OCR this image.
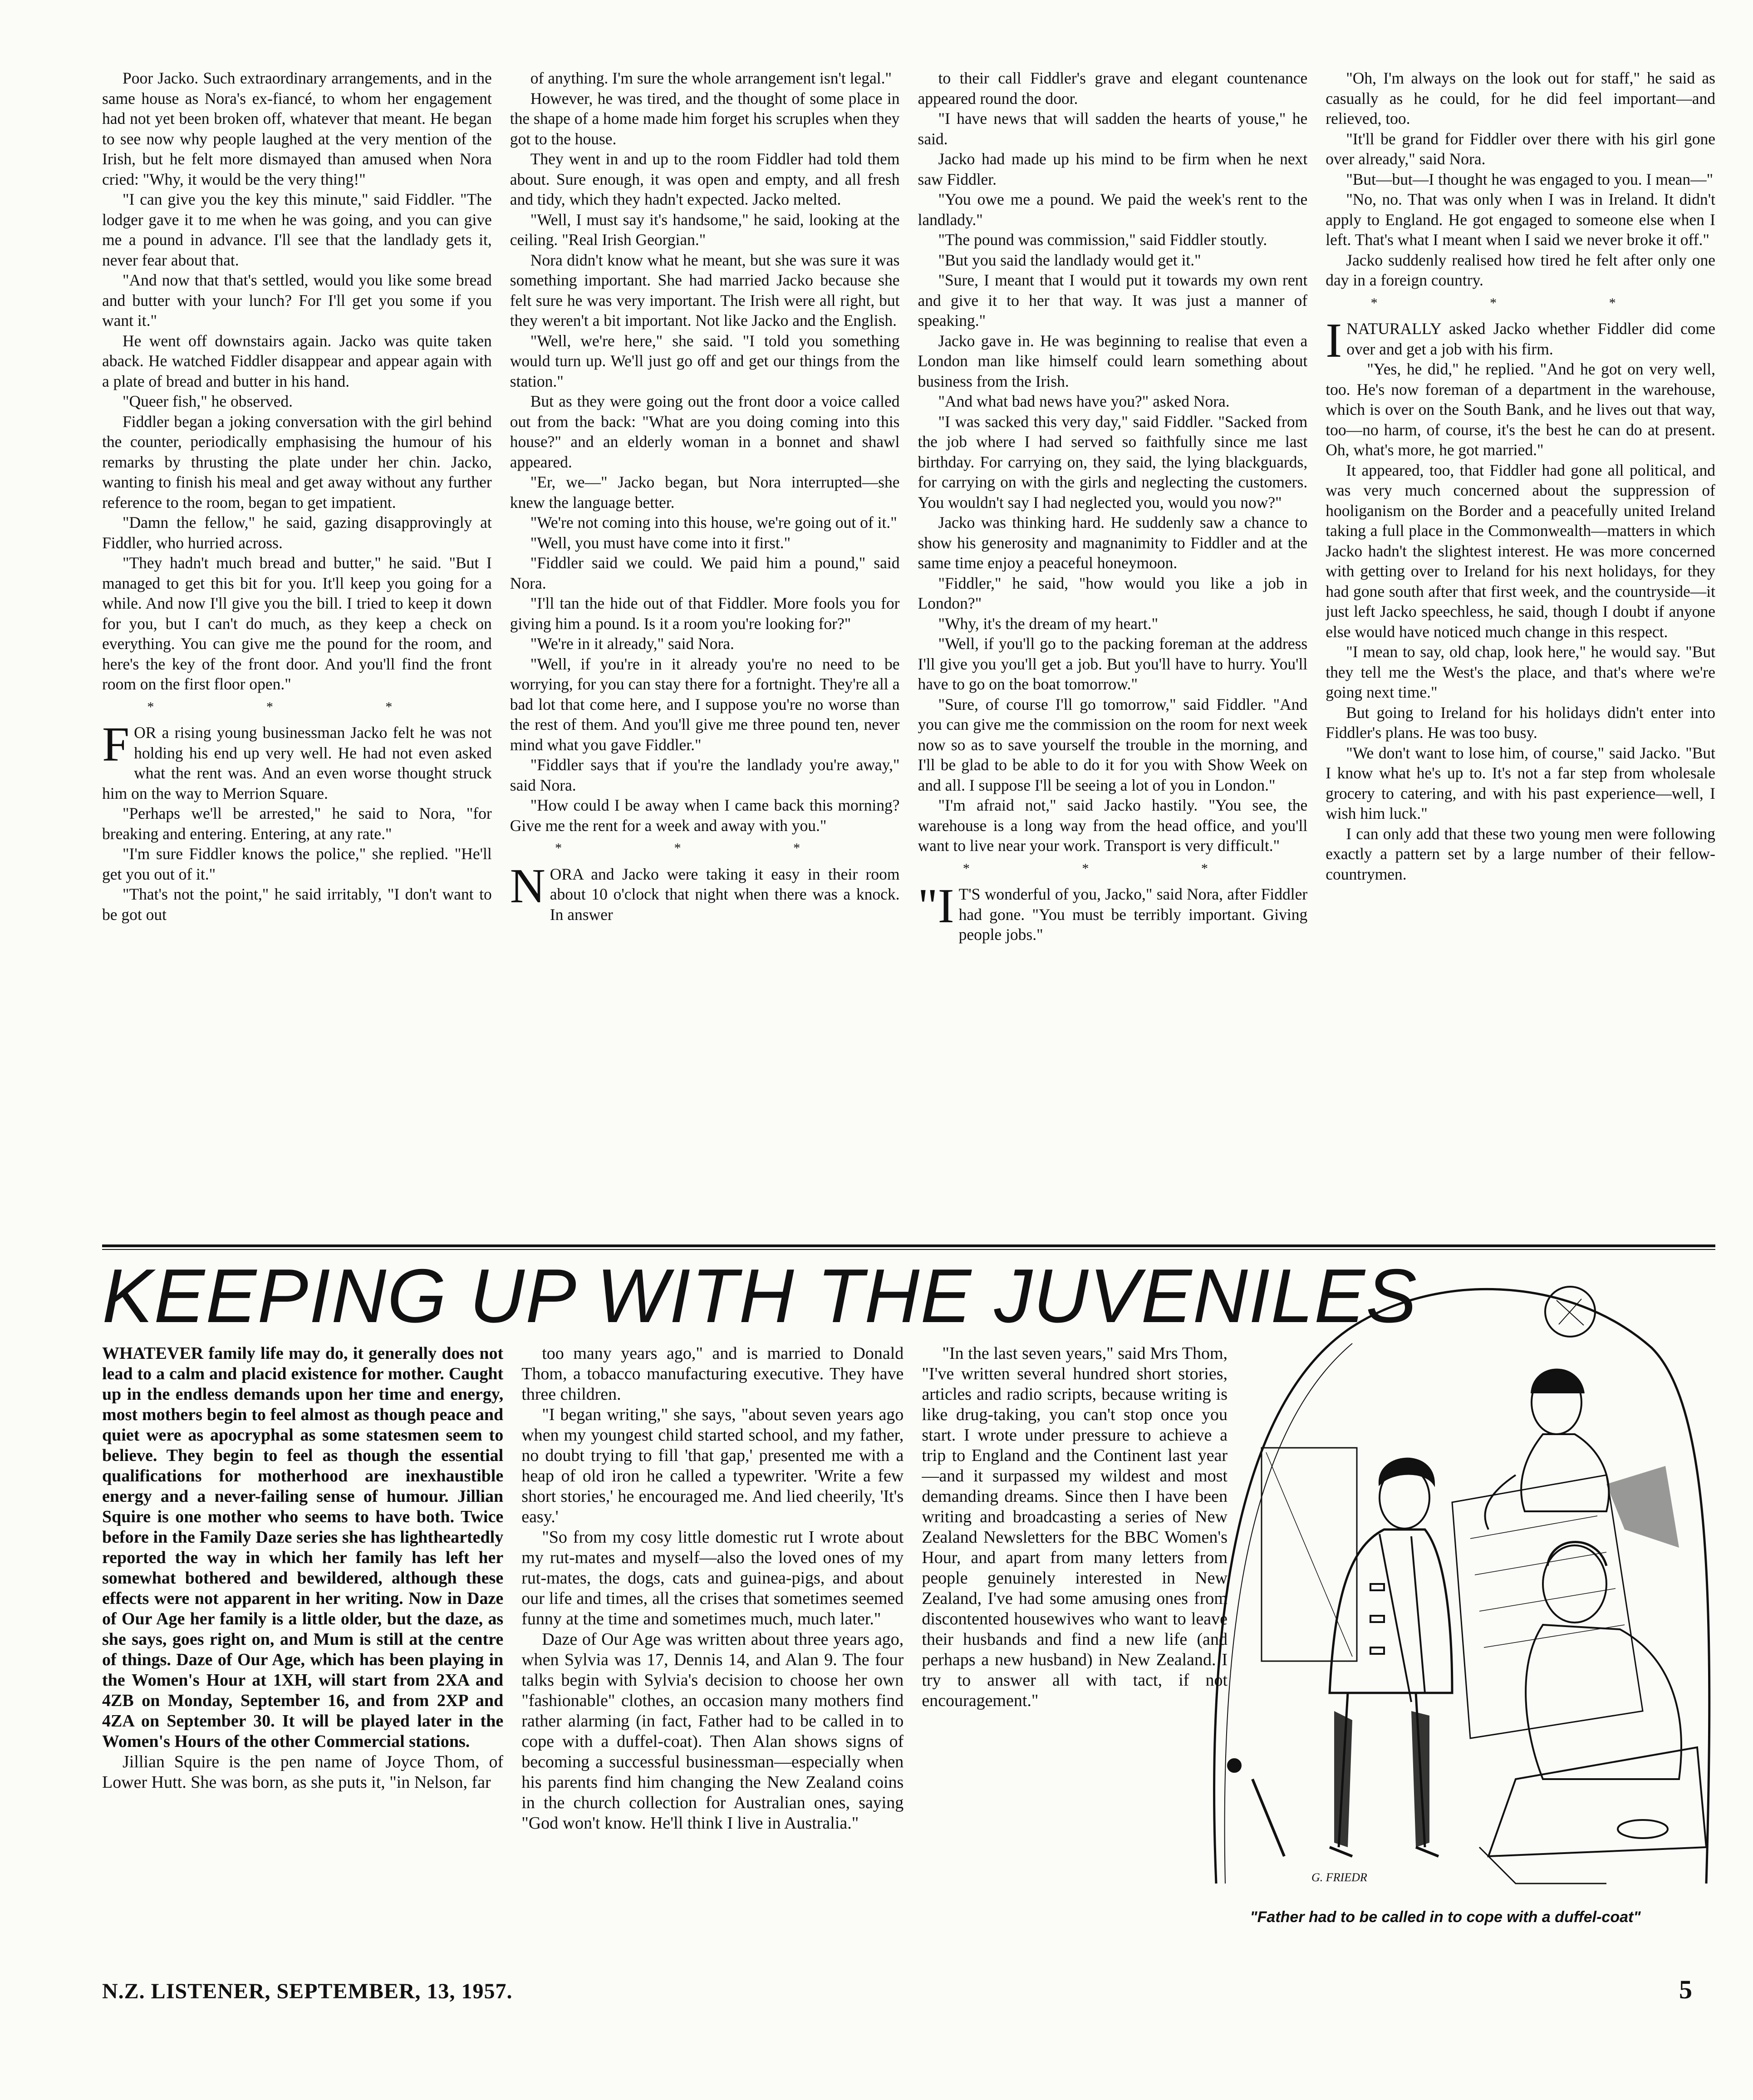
Poor Jacko. Such extraordinary arrangements, and in the same house as Nora's ex-fiancé, to whom her engagement had not yet been broken off, whatever that meant. He began to see now why people laughed at the very mention of the Irish, but he felt more dismayed than amused when Nora cried: "Why, it would be the very thing!"

"I can give you the key this minute," said Fiddler. "The lodger gave it to me when he was going, and you can give me a pound in advance. I'll see that the landlady gets it, never fear about that.

"And now that that's settled, would you like some bread and butter with your lunch? For I'll get you some if you want it."

He went off downstairs again. Jacko was quite taken aback. He watched Fiddler disappear and appear again with a plate of bread and butter in his hand.

"Queer fish," he observed.

Fiddler began a joking conversation with the girl behind the counter, periodically emphasising the humour of his remarks by thrusting the plate under her chin. Jacko, wanting to finish his meal and get away without any further reference to the room, began to get impatient.

"Damn the fellow," he said, gazing disapprovingly at Fiddler, who hurried across.

"They hadn't much bread and butter," he said. "But I managed to get this bit for you. It'll keep you going for a while. And now I'll give you the bill. I tried to keep it down for you, but I can't do much, as they keep a check on everything. You can give me the pound for the room, and here's the key of the front door. And you'll find the front room on the first floor open."

* * *

FOR a rising young businessman Jacko felt he was not holding his end up very well. He had not even asked what the rent was. And an even worse thought struck him on the way to Merrion Square.

"Perhaps we'll be arrested," he said to Nora, "for breaking and entering. Entering, at any rate."

"I'm sure Fiddler knows the police," she replied. "He'll get you out of it."

"That's not the point," he said irritably, "I don't want to be got out

of anything. I'm sure the whole arrangement isn't legal."

However, he was tired, and the thought of some place in the shape of a home made him forget his scruples when they got to the house.

They went in and up to the room Fiddler had told them about. Sure enough, it was open and empty, and all fresh and tidy, which they hadn't expected. Jacko melted.

"Well, I must say it's handsome," he said, looking at the ceiling. "Real Irish Georgian."

Nora didn't know what he meant, but she was sure it was something important. She had married Jacko because she felt sure he was very important. The Irish were all right, but they weren't a bit important. Not like Jacko and the English.

"Well, we're here," she said. "I told you something would turn up. We'll just go off and get our things from the station."

But as they were going out the front door a voice called out from the back: "What are you doing coming into this house?" and an elderly woman in a bonnet and shawl appeared.

"Er, we—" Jacko began, but Nora interrupted—she knew the language better.

"We're not coming into this house, we're going out of it."

"Well, you must have come into it first."

"Fiddler said we could. We paid him a pound," said Nora.

"I'll tan the hide out of that Fiddler. More fools you for giving him a pound. Is it a room you're looking for?"

"We're in it already," said Nora.

"Well, if you're in it already you're no need to be worrying, for you can stay there for a fortnight. They're all a bad lot that come here, and I suppose you're no worse than the rest of them. And you'll give me three pound ten, never mind what you gave Fiddler."

"Fiddler says that if you're the landlady you're away," said Nora.

"How could I be away when I came back this morning? Give me the rent for a week and away with you."

* * *

NORA and Jacko were taking it easy in their room about 10 o'clock that night when there was a knock. In answer

to their call Fiddler's grave and elegant countenance appeared round the door.

"I have news that will sadden the hearts of youse," he said.

Jacko had made up his mind to be firm when he next saw Fiddler.

"You owe me a pound. We paid the week's rent to the landlady."

"The pound was commission," said Fiddler stoutly.

"But you said the landlady would get it."

"Sure, I meant that I would put it towards my own rent and give it to her that way. It was just a manner of speaking."

Jacko gave in. He was beginning to realise that even a London man like himself could learn something about business from the Irish.

"And what bad news have you?" asked Nora.

"I was sacked this very day," said Fiddler. "Sacked from the job where I had served so faithfully since me last birthday. For carrying on, they said, the lying blackguards, for carrying on with the girls and neglecting the customers. You wouldn't say I had neglected you, would you now?"

Jacko was thinking hard. He suddenly saw a chance to show his generosity and magnanimity to Fiddler and at the same time enjoy a peaceful honeymoon.

"Fiddler," he said, "how would you like a job in London?"

"Why, it's the dream of my heart."

"Well, if you'll go to the packing foreman at the address I'll give you you'll get a job. But you'll have to hurry. You'll have to go on the boat tomorrow."

"Sure, of course I'll go tomorrow," said Fiddler. "And you can give me the commission on the room for next week now so as to save yourself the trouble in the morning, and I'll be glad to be able to do it for you with Show Week on and all. I suppose I'll be seeing a lot of you in London."

"I'm afraid not," said Jacko hastily. "You see, the warehouse is a long way from the head office, and you'll want to live near your work. Transport is very difficult."

* * *

"I T'S wonderful of you, Jacko," said Nora, after Fiddler had gone. "You must be terribly important. Giving people jobs."

"Oh, I'm always on the look out for staff," he said as casually as he could, for he did feel important—and relieved, too.

"It'll be grand for Fiddler over there with his girl gone over already," said Nora.

"But—but—I thought he was engaged to you. I mean—"

"No, no. That was only when I was in Ireland. It didn't apply to England. He got engaged to someone else when I left. That's what I meant when I said we never broke it off."

Jacko suddenly realised how tired he felt after only one day in a foreign country.

* * *

INATURALLY asked Jacko whether Fiddler did come over and get a job with his firm.

"Yes, he did," he replied. "And he got on very well, too. He's now foreman of a department in the warehouse, which is over on the South Bank, and he lives out that way, too—no harm, of course, it's the best he can do at present. Oh, what's more, he got married."

It appeared, too, that Fiddler had gone all political, and was very much concerned about the suppression of hooliganism on the Border and a peacefully united Ireland taking a full place in the Commonwealth—matters in which Jacko hadn't the slightest interest. He was more concerned with getting over to Ireland for his next holidays, for they had gone south after that first week, and the countryside—it just left Jacko speechless, he said, though I doubt if anyone else would have noticed much change in this respect.

"I mean to say, old chap, look here," he would say. "But they tell me the West's the place, and that's where we're going next time."

But going to Ireland for his holidays didn't enter into Fiddler's plans. He was too busy.

"We don't want to lose him, of course," said Jacko. "But I know what he's up to. It's not a far step from wholesale grocery to catering, and with his past experience—well, I wish him luck."

I can only add that these two young men were following exactly a pattern set by a large number of their fellow-countrymen.

KEEPING UP WITH THE JUVENILES

WHATEVER family life may do, it generally does not lead to a calm and placid existence for mother. Caught up in the endless demands upon her time and energy, most mothers begin to feel almost as though peace and quiet were as apocryphal as some statesmen seem to believe. They begin to feel as though the essential qualifications for motherhood are inexhaustible energy and a never-failing sense of humour. Jillian Squire is one mother who seems to have both. Twice before in the Family Daze series she has lightheartedly reported the way in which her family has left her somewhat bothered and bewildered, although these effects were not apparent in her writing. Now in Daze of Our Age her family is a little older, but the daze, as she says, goes right on, and Mum is still at the centre of things. Daze of Our Age, which has been playing in the Women's Hour at 1XH, will start from 2XA and 4ZB on Monday, September 16, and from 2XP and 4ZA on September 30. It will be played later in the Women's Hours of the other Commercial stations.

Jillian Squire is the pen name of Joyce Thom, of Lower Hutt. She was born, as she puts it, "in Nelson, far

too many years ago," and is married to Donald Thom, a tobacco manufacturing executive. They have three children.

"I began writing," she says, "about seven years ago when my youngest child started school, and my father, no doubt trying to fill 'that gap,' presented me with a heap of old iron he called a typewriter. 'Write a few short stories,' he encouraged me. And lied cheerily, 'It's easy.'

"So from my cosy little domestic rut I wrote about my rut-mates and myself—also the loved ones of my rut-mates, the dogs, cats and guinea-pigs, and about our life and times, all the crises that sometimes seemed funny at the time and sometimes much, much later."

Daze of Our Age was written about three years ago, when Sylvia was 17, Dennis 14, and Alan 9. The four talks begin with Sylvia's decision to choose her own "fashionable" clothes, an occasion many mothers find rather alarming (in fact, Father had to be called in to cope with a duffel-coat). Then Alan shows signs of becoming a successful businessman—especially when his parents find him changing the New Zealand coins in the church collection for Australian ones, saying "God won't know. He'll think I live in Australia."

"In the last seven years," said Mrs Thom, "I've written several hundred short stories, articles and radio scripts, because writing is like drug-taking, you can't stop once you start. I wrote under pressure to achieve a trip to England and the Continent last year—and it surpassed my wildest and most demanding dreams. Since then I have been writing and broadcasting a series of New Zealand Newsletters for the BBC Women's Hour, and apart from many letters from people genuinely interested in New Zealand, I've had some amusing ones from discontented housewives who want to leave their husbands and find a new life (and perhaps a new husband) in New Zealand. I try to answer all with tact, if not encouragement."

G. FRIEDR
"Father had to be called in to cope with a duffel-coat"
N.Z. LISTENER, SEPTEMBER, 13, 1957.	5
